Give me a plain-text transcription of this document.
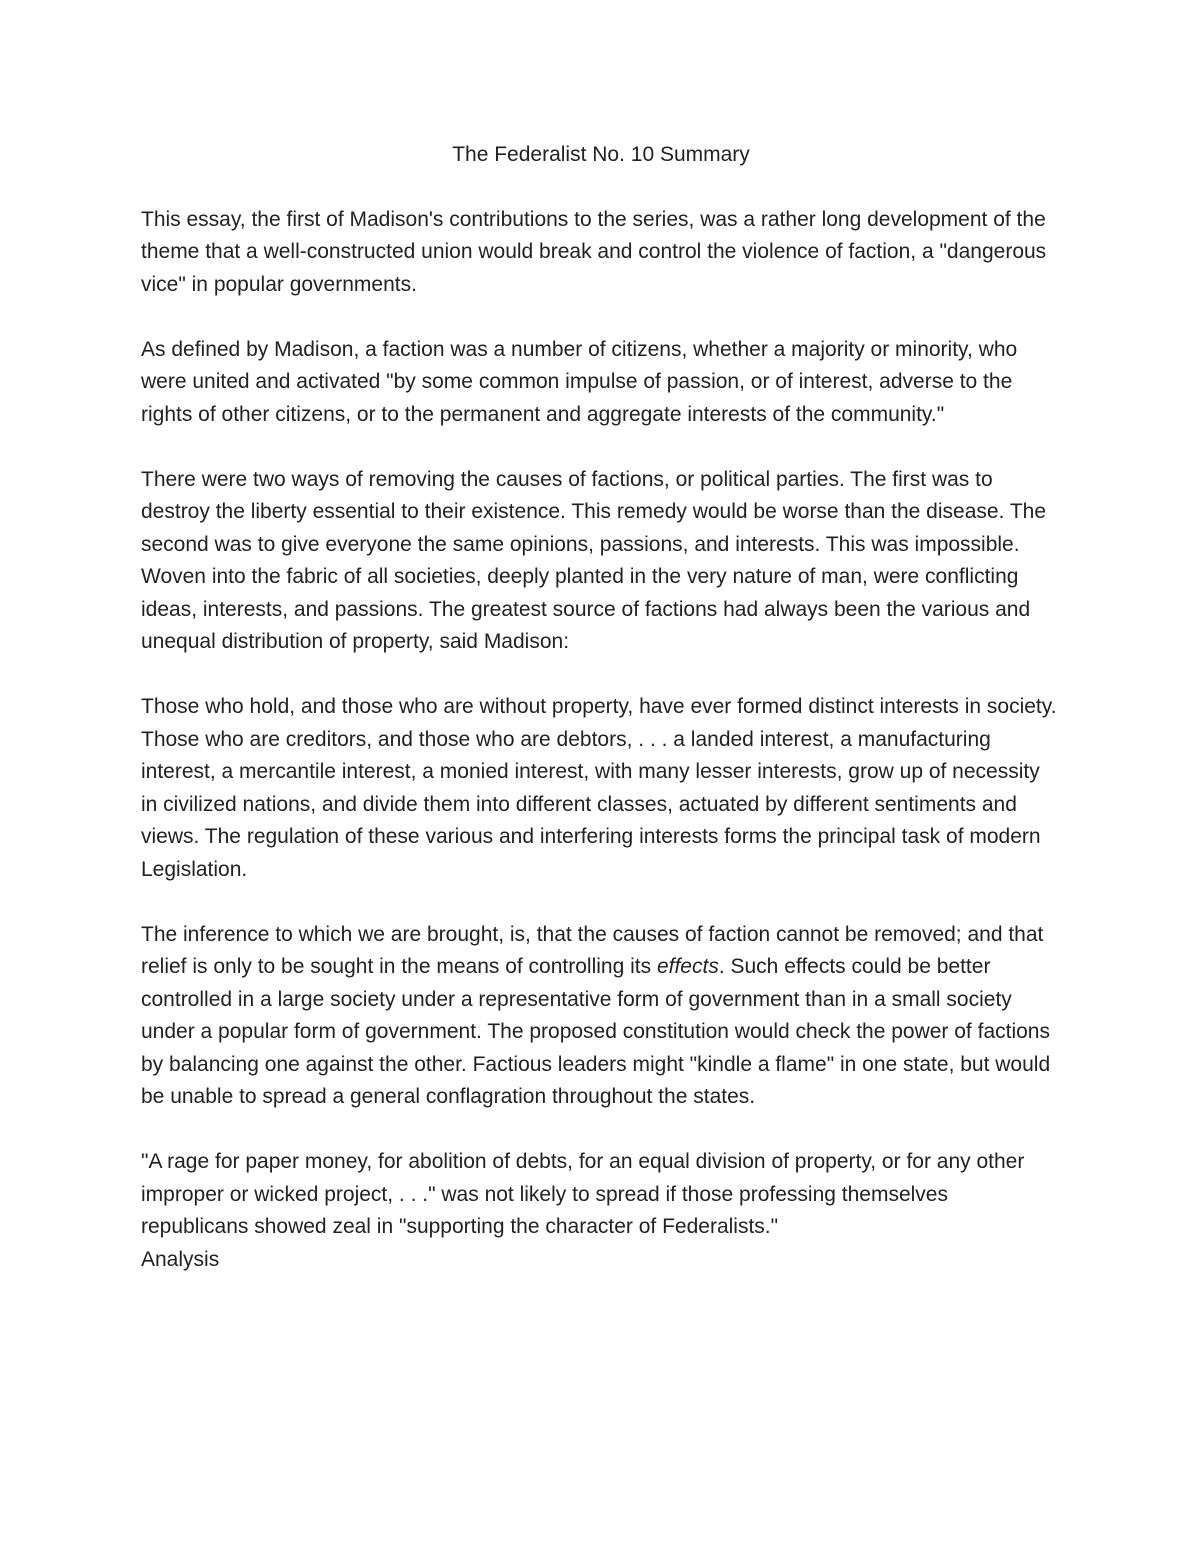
The Federalist No. 10 Summary

This essay, the first of Madison's contributions to the series, was a rather long development of the theme that a well-constructed union would break and control the violence of faction, a "dangerous vice" in popular governments.

As defined by Madison, a faction was a number of citizens, whether a majority or minority, who were united and activated "by some common impulse of passion, or of interest, adverse to the rights of other citizens, or to the permanent and aggregate interests of the community."

There were two ways of removing the causes of factions, or political parties. The first was to destroy the liberty essential to their existence. This remedy would be worse than the disease. The second was to give everyone the same opinions, passions, and interests. This was impossible. Woven into the fabric of all societies, deeply planted in the very nature of man, were conflicting ideas, interests, and passions. The greatest source of factions had always been the various and unequal distribution of property, said Madison:

Those who hold, and those who are without property, have ever formed distinct interests in society. Those who are creditors, and those who are debtors, . . . a landed interest, a manufacturing interest, a mercantile interest, a monied interest, with many lesser interests, grow up of necessity in civilized nations, and divide them into different classes, actuated by different sentiments and views. The regulation of these various and interfering interests forms the principal task of modern Legislation.

The inference to which we are brought, is, that the causes of faction cannot be removed; and that relief is only to be sought in the means of controlling its effects. Such effects could be better controlled in a large society under a representative form of government than in a small society under a popular form of government. The proposed constitution would check the power of factions by balancing one against the other. Factious leaders might "kindle a flame" in one state, but would be unable to spread a general conflagration throughout the states.

"A rage for paper money, for abolition of debts, for an equal division of property, or for any other improper or wicked project, . . ." was not likely to spread if those professing themselves republicans showed zeal in "supporting the character of Federalists."
Analysis
